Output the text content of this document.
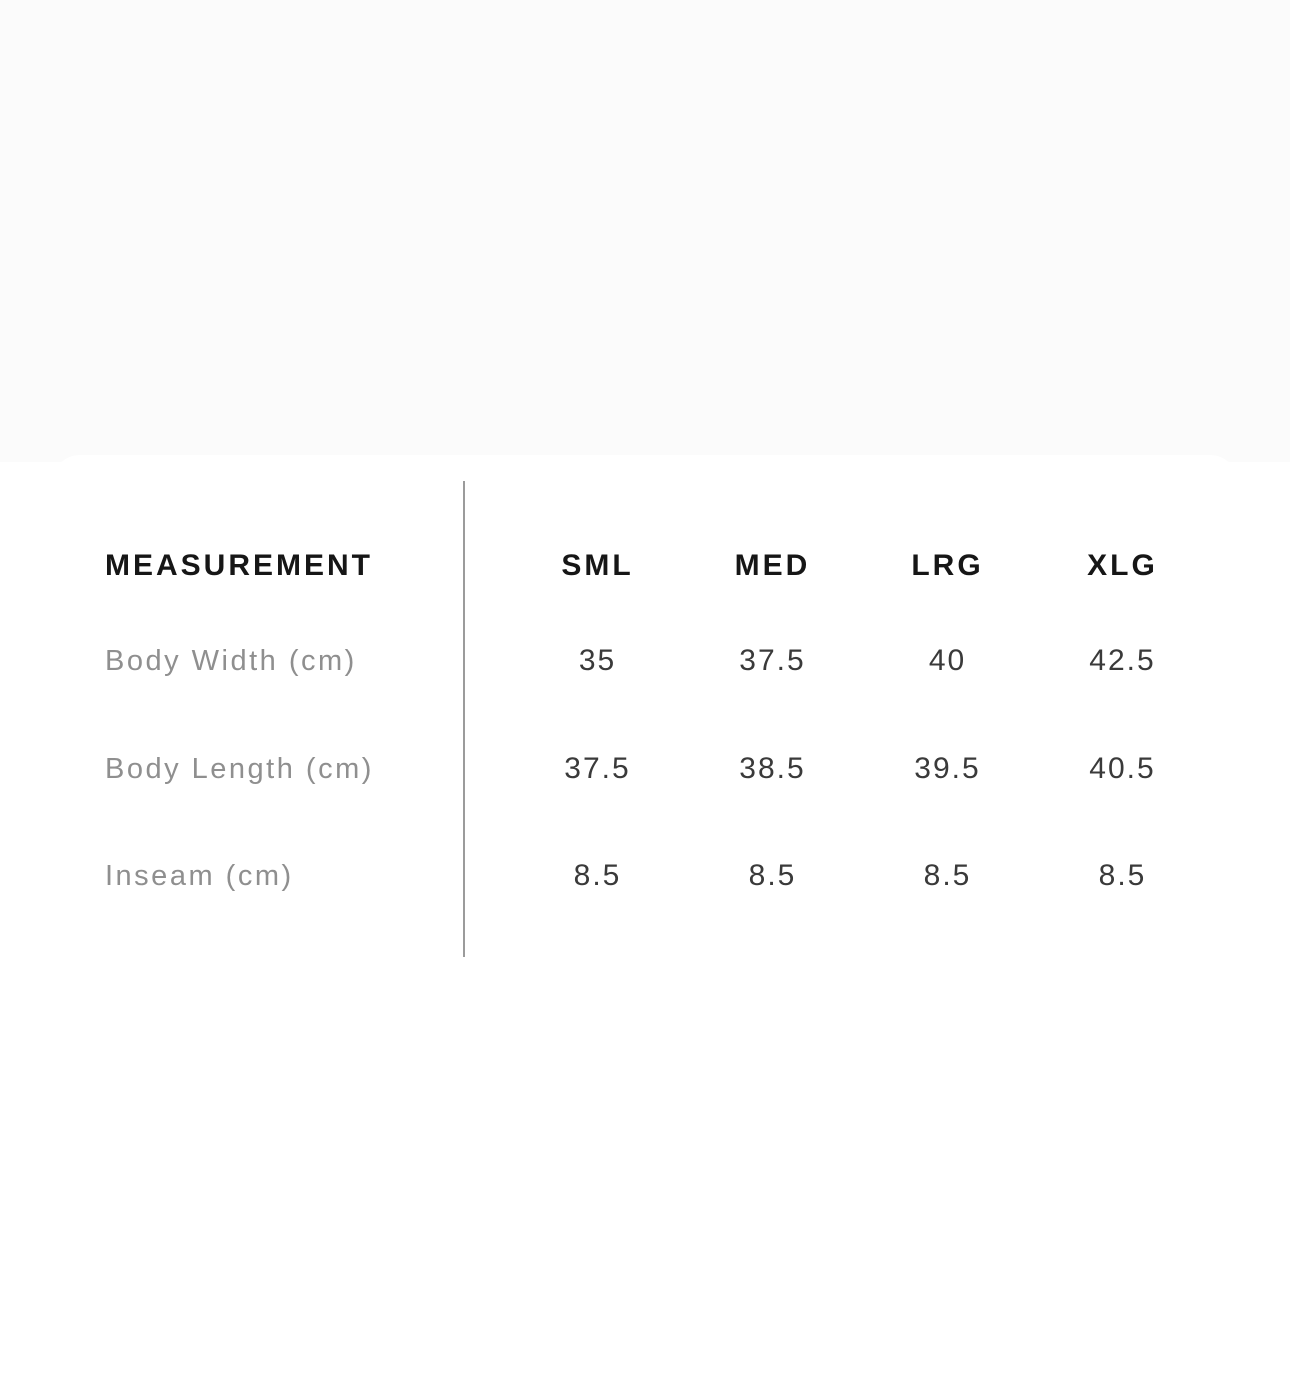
MEASUREMENT	SML	MED	LRG	XLG
Body Width (cm)	35	37.5	40	42.5
Body Length (cm)	37.5	38.5	39.5	40.5
Inseam (cm)	8.5	8.5	8.5	8.5
